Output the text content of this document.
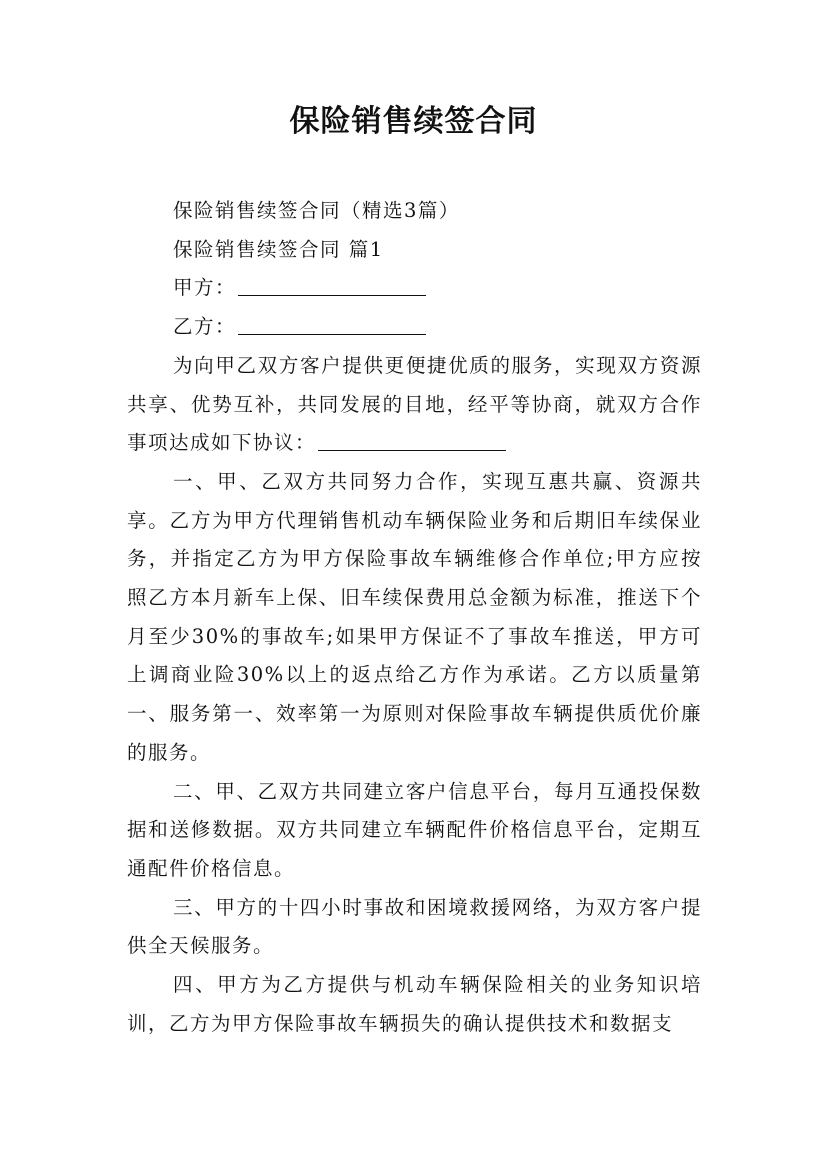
保险销售续签合同

保险销售续签合同（精选3篇）

保险销售续签合同 篇1

甲方：

乙方：

为向甲乙双方客户提供更便捷优质的服务，实现双方资源共享、优势互补，共同发展的目地，经平等协商，就双方合作事项达成如下协议：

一、甲、乙双方共同努力合作，实现互惠共赢、资源共享。乙方为甲方代理销售机动车辆保险业务和后期旧车续保业务，并指定乙方为甲方保险事故车辆维修合作单位;甲方应按照乙方本月新车上保、旧车续保费用总金额为标准，推送下个月至少30%的事故车;如果甲方保证不了事故车推送，甲方可上调商业险30%以上的返点给乙方作为承诺。乙方以质量第一、服务第一、效率第一为原则对保险事故车辆提供质优价廉的服务。

二、甲、乙双方共同建立客户信息平台，每月互通投保数据和送修数据。双方共同建立车辆配件价格信息平台，定期互通配件价格信息。

三、甲方的十四小时事故和困境救援网络，为双方客户提供全天候服务。

四、甲方为乙方提供与机动车辆保险相关的业务知识培训，乙方为甲方保险事故车辆损失的确认提供技术和数据支
